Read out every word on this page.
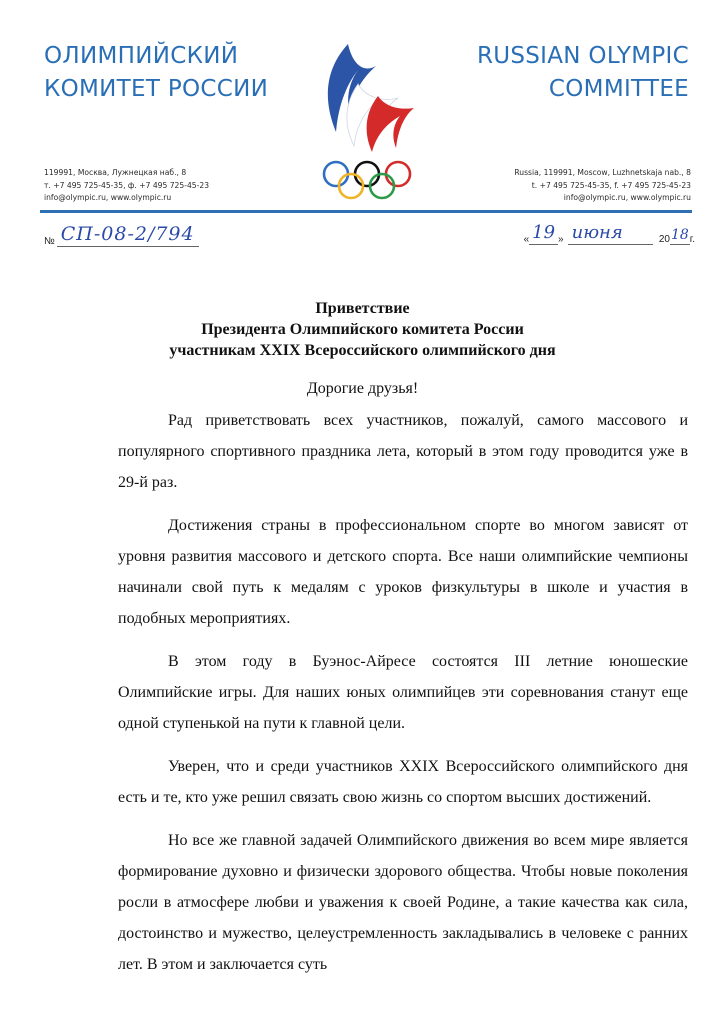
ОЛИМПИЙСКИЙ
КОМИТЕТ РОССИИ
RUSSIAN OLYMPIC
COMMITTEE
119991, Москва, Лужнецкая наб., 8
т. +7 495 725-45-35, ф. +7 495 725-45-23
info@olympic.ru, www.olympic.ru
Russia, 119991, Moscow, Luzhnetskaja nab., 8
t. +7 495 725-45-35, f. +7 495 725-45-23
info@olympic.ru, www.olympic.ru
№ СП-08-2/794	« 19 » июня	20 18 г.
Приветствие
Президента Олимпийского комитета России
участникам XXIX Всероссийского олимпийского дня
Дорогие друзья!

Рад приветствовать всех участников, пожалуй, самого массового и популярного спортивного праздника лета, который в этом году проводится уже в 29-й раз.

Достижения страны в профессиональном спорте во многом зависят от уровня развития массового и детского спорта. Все наши олимпийские чемпионы начинали свой путь к медалям с уроков физкультуры в школе и участия в подобных мероприятиях.

В этом году в Буэнос-Айресе состоятся III летние юношеские Олимпийские игры. Для наших юных олимпийцев эти соревнования станут еще одной ступенькой на пути к главной цели.

Уверен, что и среди участников XXIX Всероссийского олимпийского дня есть и те, кто уже решил связать свою жизнь со спортом высших достижений.

Но все же главной задачей Олимпийского движения во всем мире является формирование духовно и физически здорового общества. Чтобы новые поколения росли в атмосфере любви и уважения к своей Родине, а такие качества как сила, достоинство и мужество, целеустремленность закладывались в человеке с ранних лет. В этом и заключается суть
